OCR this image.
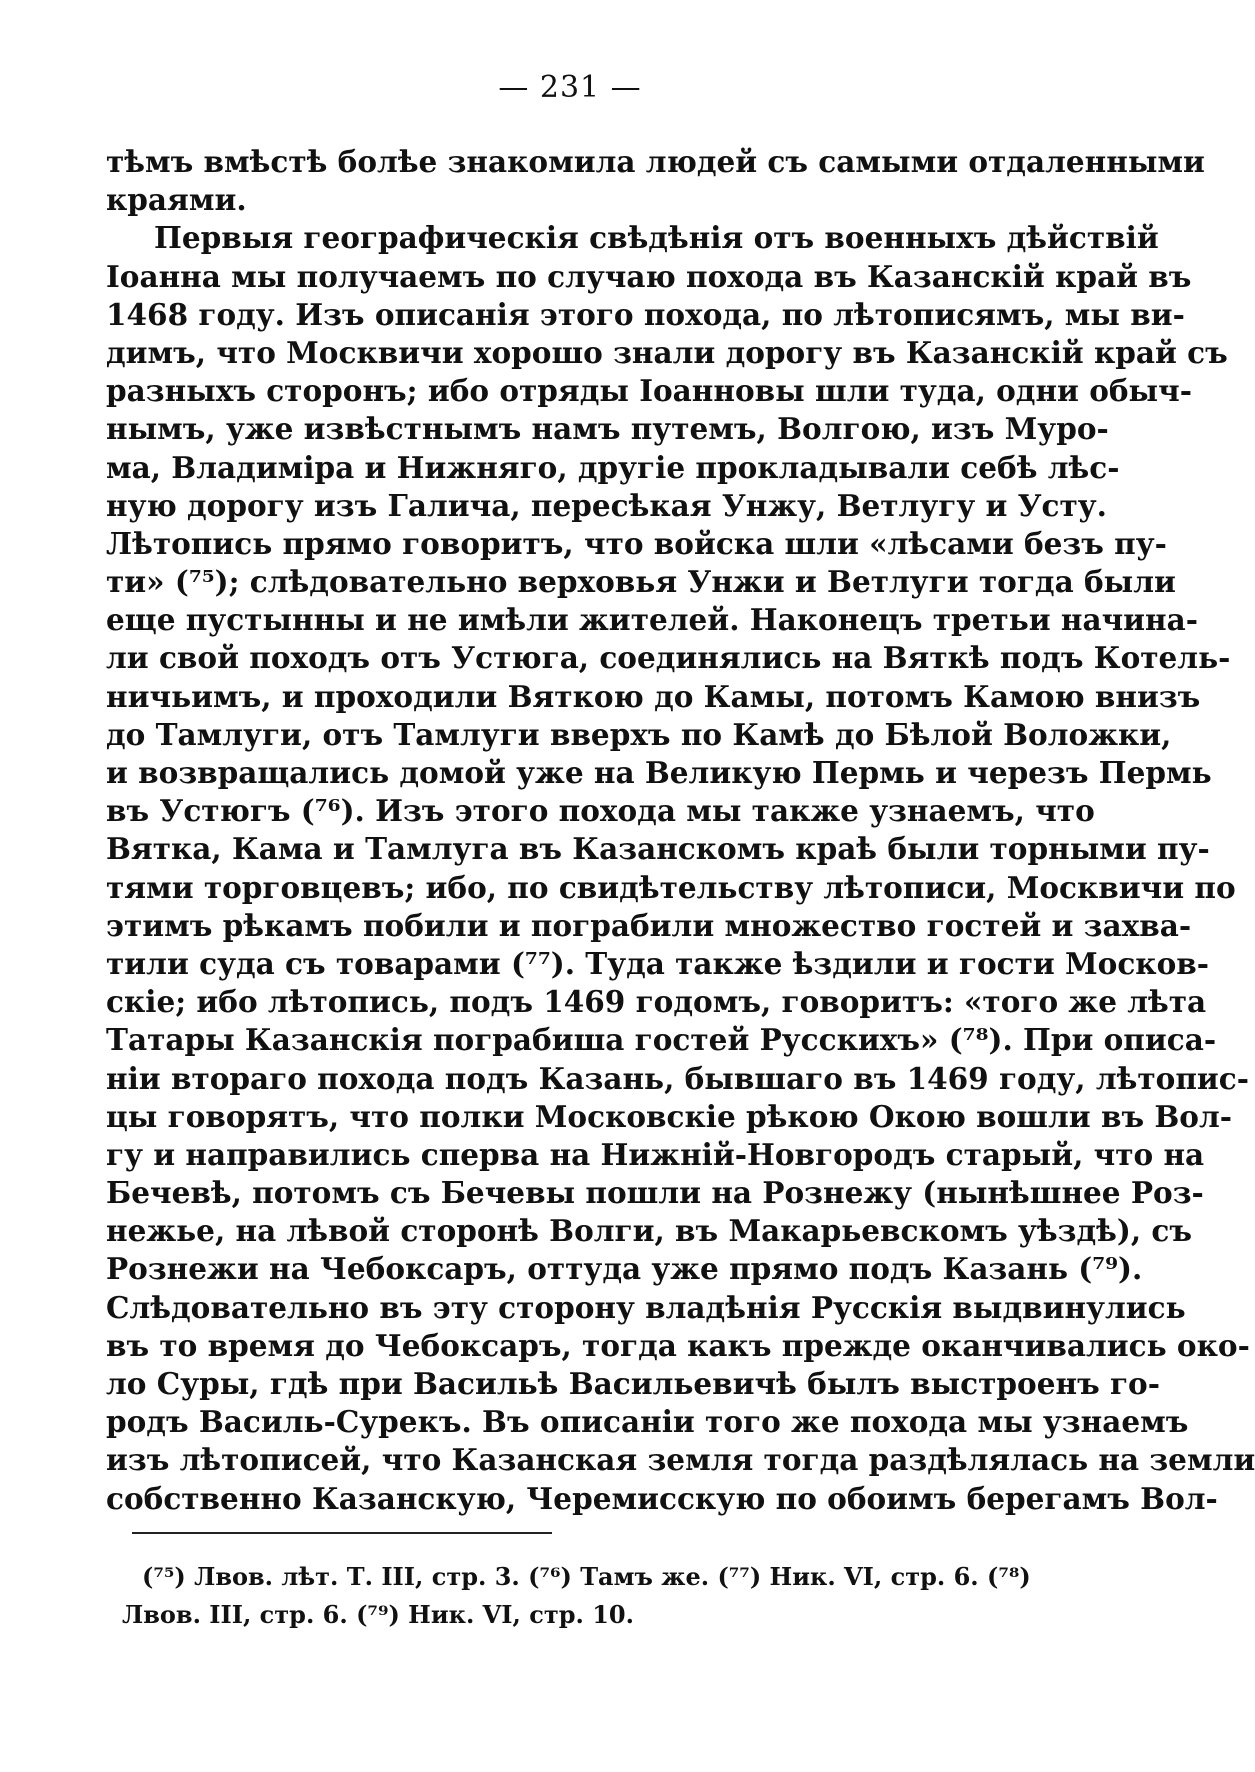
— 231 —
тѣмъ вмѣстѣ болѣе знакомила людей съ самыми отдаленными
краями.
Первыя географическія свѣдѣнія отъ военныхъ дѣйствій
Іоанна мы получаемъ по случаю похода въ Казанскій край въ
1468 году. Изъ описанія этого похода, по лѣтописямъ, мы ви-
димъ, что Москвичи хорошо знали дорогу въ Казанскій край съ
разныхъ сторонъ; ибо отряды Іоанновы шли туда, одни обыч-
нымъ, уже извѣстнымъ намъ путемъ, Волгою, изъ Муро-
ма, Владиміра и Нижняго, другіе прокладывали себѣ лѣс-
ную дорогу изъ Галича, пересѣкая Унжу, Ветлугу и Усту.
Лѣтопись прямо говоритъ, что войска шли «лѣсами безъ пу-
ти» (⁷⁵); слѣдовательно верховья Унжи и Ветлуги тогда были
еще пустынны и не имѣли жителей. Наконецъ третьи начина-
ли свой походъ отъ Устюга, соединялись на Вяткѣ подъ Котель-
ничьимъ, и проходили Вяткою до Камы, потомъ Камою внизъ
до Тамлуги, отъ Тамлуги вверхъ по Камѣ до Бѣлой Воложки,
и возвращались домой уже на Великую Пермь и черезъ Пермь
въ Устюгъ (⁷⁶). Изъ этого похода мы также узнаемъ, что
Вятка, Кама и Тамлуга въ Казанскомъ краѣ были торными пу-
тями торговцевъ; ибо, по свидѣтельству лѣтописи, Москвичи по
этимъ рѣкамъ побили и пограбили множество гостей и захва-
тили суда съ товарами (⁷⁷). Туда также ѣздили и гости Москов-
скіе; ибо лѣтопись, подъ 1469 годомъ, говоритъ: «того же лѣта
Татары Казанскія пограбиша гостей Русскихъ» (⁷⁸). При описа-
ніи втораго похода подъ Казань, бывшаго въ 1469 году, лѣтопис-
цы говорятъ, что полки Московскіе рѣкою Окою вошли въ Вол-
гу и направились сперва на Нижній-Новгородъ старый, что на
Бечевѣ, потомъ съ Бечевы пошли на Рознежу (нынѣшнее Роз-
нежье, на лѣвой сторонѣ Волги, въ Макарьевскомъ уѣздѣ), съ
Рознежи на Чебоксаръ, оттуда уже прямо подъ Казань (⁷⁹).
Слѣдовательно въ эту сторону владѣнія Русскія выдвинулись
въ то время до Чебоксаръ, тогда какъ прежде оканчивались око-
ло Суры, гдѣ при Васильѣ Васильевичѣ былъ выстроенъ го-
родъ Василь-Сурекъ. Въ описаніи того же похода мы узнаемъ
изъ лѣтописей, что Казанская земля тогда раздѣлялась на земли
собственно Казанскую, Черемисскую по обоимъ берегамъ Вол-
(⁷⁵) Лвов. лѣт. Т. III, стр. 3. (⁷⁶) Тамъ же. (⁷⁷) Ник. VI, стр. 6. (⁷⁸)
Лвов. III, стр. 6. (⁷⁹) Ник. VI, стр. 10.
